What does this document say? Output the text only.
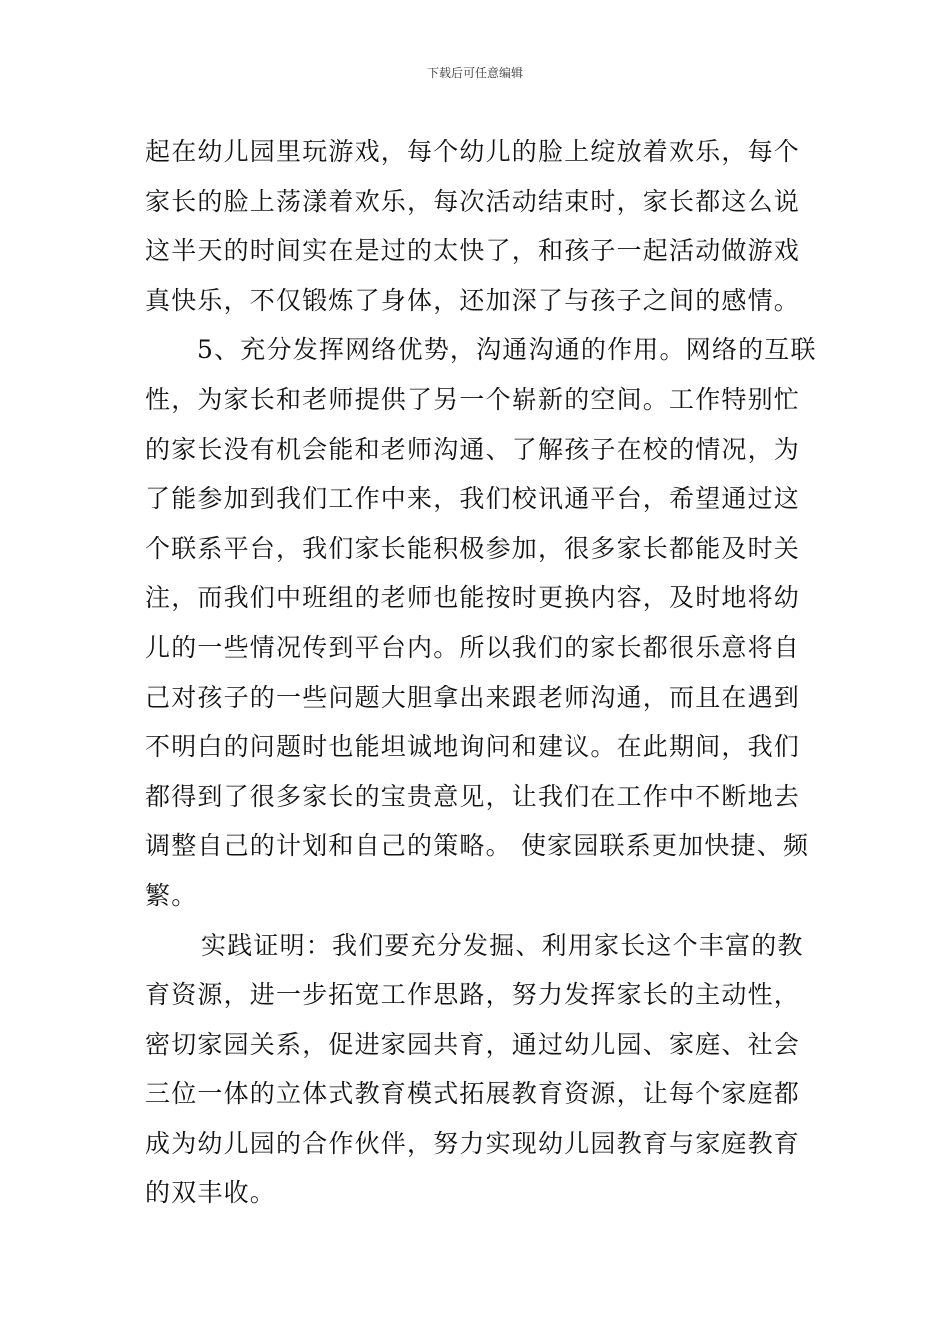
下载后可任意编辑
起在幼儿园里玩游戏，每个幼儿的脸上绽放着欢乐，每个
家长的脸上荡漾着欢乐，每次活动结束时，家长都这么说
这半天的时间实在是过的太快了，和孩子一起活动做游戏
真快乐，不仅锻炼了身体，还加深了与孩子之间的感情。
5、充分发挥网络优势，沟通沟通的作用。网络的互联
性，为家长和老师提供了另一个崭新的空间。工作特别忙
的家长没有机会能和老师沟通、了解孩子在校的情况，为
了能参加到我们工作中来，我们校讯通平台，希望通过这
个联系平台，我们家长能积极参加，很多家长都能及时关
注，而我们中班组的老师也能按时更换内容，及时地将幼
儿的一些情况传到平台内。所以我们的家长都很乐意将自
己对孩子的一些问题大胆拿出来跟老师沟通，而且在遇到
不明白的问题时也能坦诚地询问和建议。在此期间，我们
都得到了很多家长的宝贵意见，让我们在工作中不断地去
调整自己的计划和自己的策略。 使家园联系更加快捷、频
繁。
实践证明：我们要充分发掘、利用家长这个丰富的教
育资源，进一步拓宽工作思路，努力发挥家长的主动性，
密切家园关系，促进家园共育，通过幼儿园、家庭、社会
三位一体的立体式教育模式拓展教育资源，让每个家庭都
成为幼儿园的合作伙伴，努力实现幼儿园教育与家庭教育
的双丰收。
